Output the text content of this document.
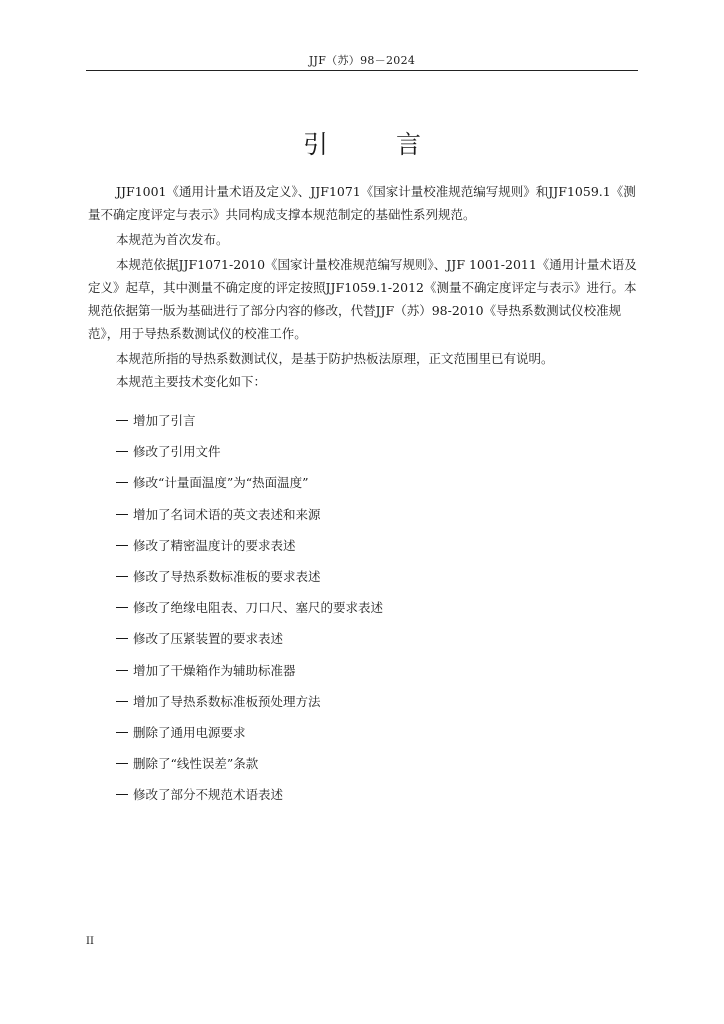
JJF（苏）98－2024
引言

JJF1001《通用计量术语及定义》、JJF1071《国家计量校准规范编写规则》和JJF1059.1《测量不确定度评定与表示》共同构成支撑本规范制定的基础性系列规范。

本规范为首次发布。

本规范依据JJF1071-2010《国家计量校准规范编写规则》、JJF 1001-2011《通用计量术语及定义》起草，其中测量不确定度的评定按照JJF1059.1-2012《测量不确定度评定与表示》进行。本规范依据第一版为基础进行了部分内容的修改，代替JJF（苏）98-2010《导热系数测试仪校准规范》，用于导热系数测试仪的校准工作。

本规范所指的导热系数测试仪，是基于防护热板法原理，正文范围里已有说明。

本规范主要技术变化如下：

增加了引言
修改了引用文件
修改“计量面温度”为“热面温度”
增加了名词术语的英文表述和来源
修改了精密温度计的要求表述
修改了导热系数标准板的要求表述
修改了绝缘电阻表、刀口尺、塞尺的要求表述
修改了压紧装置的要求表述
增加了干燥箱作为辅助标准器
增加了导热系数标准板预处理方法
删除了通用电源要求
删除了“线性误差”条款
修改了部分不规范术语表述
II
